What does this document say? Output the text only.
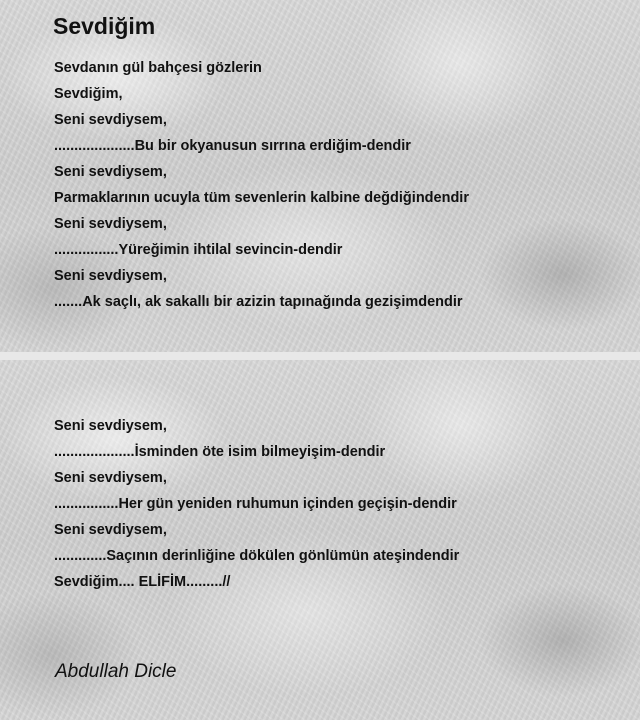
Sevdiğim
Sevdanın gül bahçesi gözlerin
Sevdiğim,
Seni sevdiysem,
....................Bu bir okyanusun sırrına erdiğim-dendir
Seni sevdiysem,
Parmaklarının ucuyla tüm sevenlerin kalbine değdiğindendir
Seni sevdiysem,
................Yüreğimin ihtilal sevincin-dendir
Seni sevdiysem,
.......Ak saçlı, ak sakallı bir azizin tapınağında gezişimdendir
Seni sevdiysem,
....................İsminden öte isim bilmeyişim-dendir
Seni sevdiysem,
................Her gün yeniden ruhumun içinden geçişin-dendir
Seni sevdiysem,
.............Saçının derinliğine dökülen gönlümün ateşindendir
Sevdiğim.... ELİFİM.........//

Abdullah Dicle
